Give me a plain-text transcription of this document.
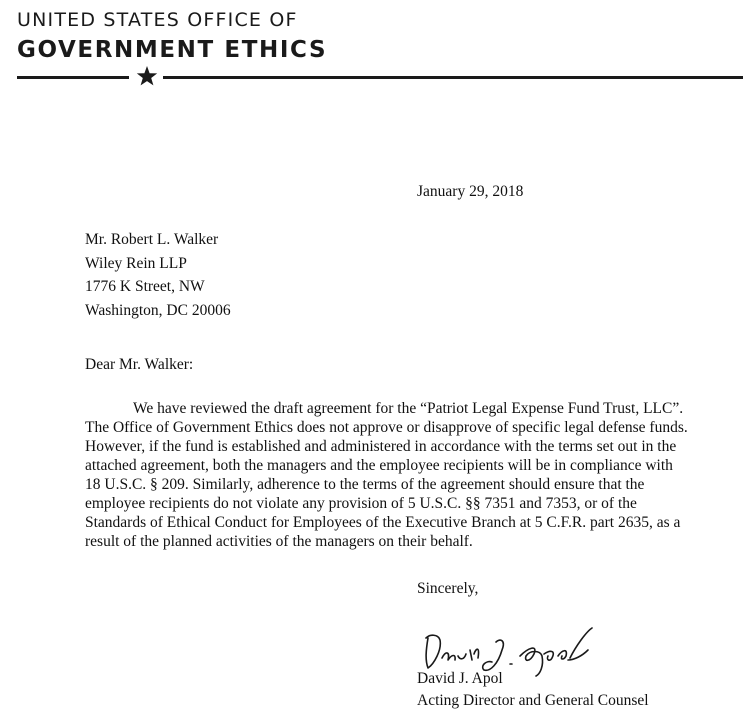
UNITED STATES OFFICE OF
GOVERNMENT ETHICS
January 29, 2018
Mr. Robert L. Walker
Wiley Rein LLP
1776 K Street, NW
Washington, DC 20006
Dear Mr. Walker:
We have reviewed the draft agreement for the “Patriot Legal Expense Fund Trust, LLC”.
The Office of Government Ethics does not approve or disapprove of specific legal defense funds.
However, if the fund is established and administered in accordance with the terms set out in the
attached agreement, both the managers and the employee recipients will be in compliance with
18 U.S.C. § 209. Similarly, adherence to the terms of the agreement should ensure that the
employee recipients do not violate any provision of 5 U.S.C. §§ 7351 and 7353, or of the
Standards of Ethical Conduct for Employees of the Executive Branch at 5 C.F.R. part 2635, as a
result of the planned activities of the managers on their behalf.
Sincerely,
David J. Apol
Acting Director and General Counsel
